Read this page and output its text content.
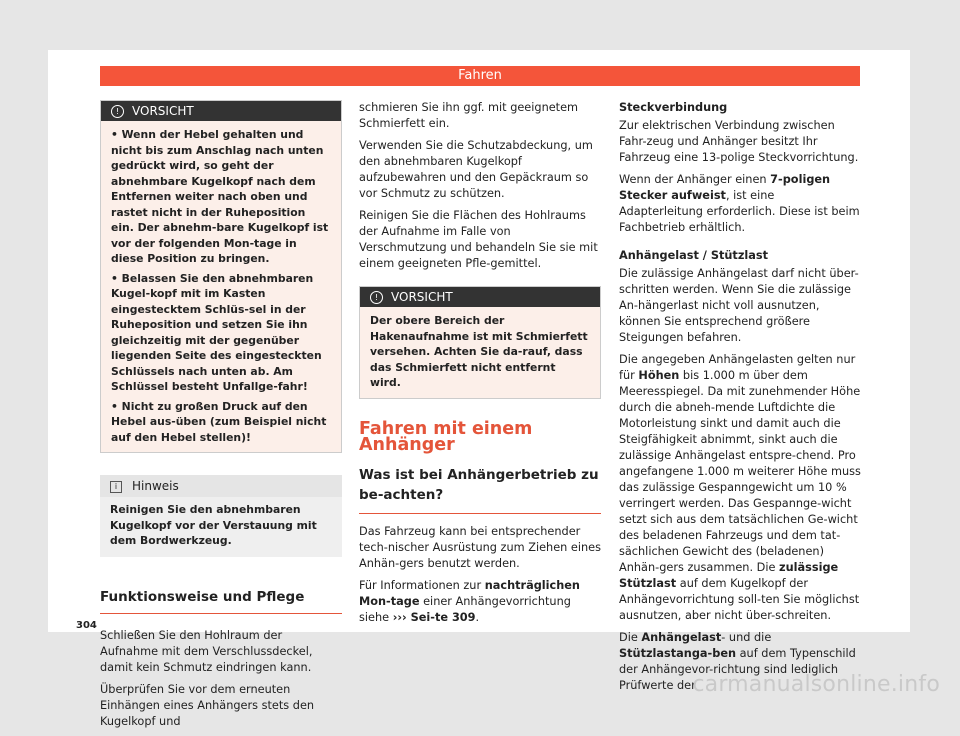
Fahren
! VORSICHT

• Wenn der Hebel gehalten und nicht bis zum Anschlag nach unten gedrückt wird, so geht der abnehmbare Kugelkopf nach dem Entfernen weiter nach oben und rastet nicht in der Ruheposition ein. Der abnehm-bare Kugelkopf ist vor der folgenden Mon-tage in diese Position zu bringen.

• Belassen Sie den abnehmbaren Kugel-kopf mit im Kasten eingestecktem Schlüs-sel in der Ruheposition und setzen Sie ihn gleichzeitig mit der gegenüber liegenden Seite des eingesteckten Schlüssels nach unten ab. Am Schlüssel besteht Unfallge-fahr!

• Nicht zu großen Druck auf den Hebel aus-üben (zum Beispiel nicht auf den Hebel stellen)!

i Hinweis
Reinigen Sie den abnehmbaren Kugelkopf vor der Verstauung mit dem Bordwerkzeug.
Funktionsweise und Pflege

Schließen Sie den Hohlraum der Aufnahme mit dem Verschlussdeckel, damit kein Schmutz eindringen kann.

Überprüfen Sie vor dem erneuten Einhängen eines Anhängers stets den Kugelkopf und

schmieren Sie ihn ggf. mit geeignetem Schmierfett ein.

Verwenden Sie die Schutzabdeckung, um den abnehmbaren Kugelkopf aufzubewahren und den Gepäckraum so vor Schmutz zu schützen.

Reinigen Sie die Flächen des Hohlraums der Aufnahme im Falle von Verschmutzung und behandeln Sie sie mit einem geeigneten Pfle-gemittel.

! VORSICHT

Der obere Bereich der Hakenaufnahme ist mit Schmierfett versehen. Achten Sie da-rauf, dass das Schmierfett nicht entfernt wird.

Fahren mit einem Anhänger
Was ist bei Anhängerbetrieb zu be-achten?

Das Fahrzeug kann bei entsprechender tech-nischer Ausrüstung zum Ziehen eines Anhän-gers benutzt werden.

Für Informationen zur nachträglichen Mon-tage einer Anhängevorrichtung siehe ››› Sei-te 309.

Steckverbindung

Zur elektrischen Verbindung zwischen Fahr-zeug und Anhänger besitzt Ihr Fahrzeug eine 13-polige Steckvorrichtung.

Wenn der Anhänger einen 7-poligen Stecker aufweist, ist eine Adapterleitung erforderlich. Diese ist beim Fachbetrieb erhältlich.

Anhängelast / Stützlast

Die zulässige Anhängelast darf nicht über-schritten werden. Wenn Sie die zulässige An-hängerlast nicht voll ausnutzen, können Sie entsprechend größere Steigungen befahren.

Die angegeben Anhängelasten gelten nur für Höhen bis 1.000 m über dem Meeresspiegel. Da mit zunehmender Höhe durch die abneh-mende Luftdichte die Motorleistung sinkt und damit auch die Steigfähigkeit abnimmt, sinkt auch die zulässige Anhängelast entspre-chend. Pro angefangene 1.000 m weiterer Höhe muss das zulässige Gespanngewicht um 10 % verringert werden. Das Gespannge-wicht setzt sich aus dem tatsächlichen Ge-wicht des beladenen Fahrzeugs und dem tat-sächlichen Gewicht des (beladenen) Anhän-gers zusammen. Die zulässige Stützlast auf dem Kugelkopf der Anhängevorrichtung soll-ten Sie möglichst ausnutzen, aber nicht über-schreiten.

Die Anhängelast- und die Stützlastanga-ben auf dem Typenschild der Anhängevor-richtung sind lediglich Prüfwerte der

304
carmanualsonline.info
